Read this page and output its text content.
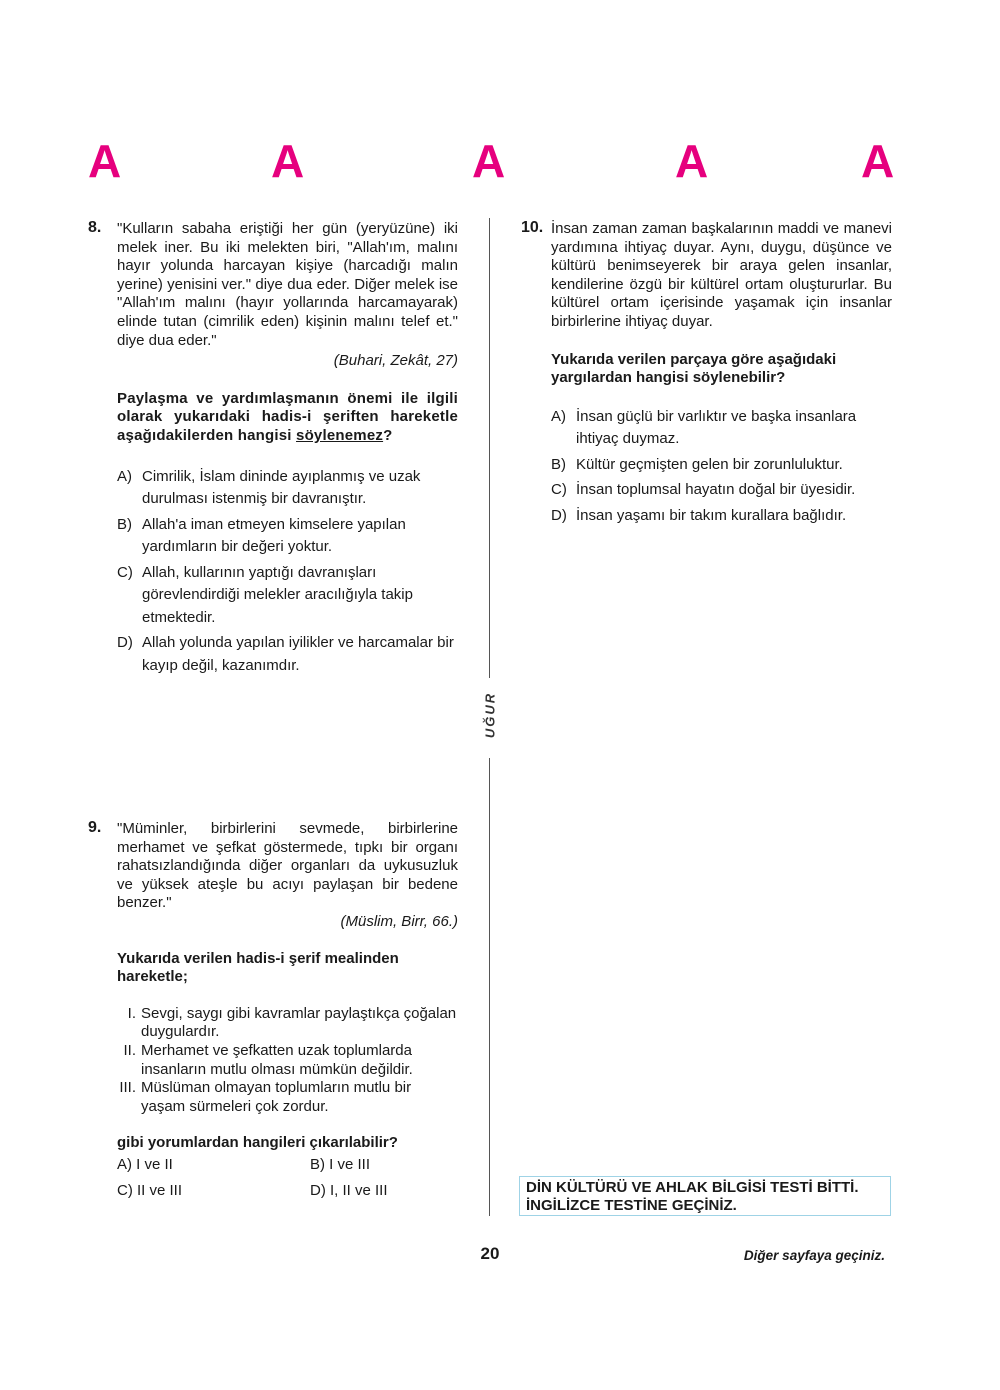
A	A	A	A	A
8. "Kulların sabaha eriştiği her gün (yeryüzüne) iki melek iner. Bu iki melekten biri, "Allah'ım, malını hayır yolunda harcayan kişiye (harcadığı malın yerine) yenisini ver." diye dua eder. Diğer melek ise "Allah'ım malını (hayır yollarında harcamayarak) elinde tutan (cimrilik eden) kişinin malını telef et." diye dua eder."
(Buhari, Zekât, 27)
Paylaşma ve yardımlaşmanın önemi ile ilgili olarak yukarıdaki hadis-i şeriften hareketle aşağıdakilerden hangisi söylenemez?
A) Cimrilik, İslam dininde ayıplanmış ve uzak durulması istenmiş bir davranıştır.
B) Allah'a iman etmeyen kimselere yapılan yardımların bir değeri yoktur.
C) Allah, kullarının yaptığı davranışları görevlendirdiği melekler aracılığıyla takip etmektedir.
D) Allah yolunda yapılan iyilikler ve harcamalar bir kayıp değil, kazanımdır.
9. "Müminler, birbirlerini sevmede, birbirlerine merhamet ve şefkat göstermede, tıpkı bir organı rahatsızlandığında diğer organları da uykusuzluk ve yüksek ateşle bu acıyı paylaşan bir bedene benzer."
(Müslim, Birr, 66.)
Yukarıda verilen hadis-i şerif mealinden hareketle;
I. Sevgi, saygı gibi kavramlar paylaştıkça çoğalan duygulardır.
II. Merhamet ve şefkatten uzak toplumlarda insanların mutlu olması mümkün değildir.
III. Müslüman olmayan toplumların mutlu bir yaşam sürmeleri çok zordur.
gibi yorumlardan hangileri çıkarılabilir?
A) I ve II	B) I ve III
C) II ve III	D) I, II ve III
UĞUR
10. İnsan zaman zaman başkalarının maddi ve manevi yardımına ihtiyaç duyar. Aynı, duygu, düşünce ve kültürü benimseyerek bir araya gelen insanlar, kendilerine özgü bir kültürel ortam oluştururlar. Bu kültürel ortam içerisinde yaşamak için insanlar birbirlerine ihtiyaç duyar.
Yukarıda verilen parçaya göre aşağıdaki yargılardan hangisi söylenebilir?
A) İnsan güçlü bir varlıktır ve başka insanlara ihtiyaç duymaz.
B) Kültür geçmişten gelen bir zorunluluktur.
C) İnsan toplumsal hayatın doğal bir üyesidir.
D) İnsan yaşamı bir takım kurallara bağlıdır.
DİN KÜLTÜRÜ VE AHLAK BİLGİSİ TESTİ BİTTİ.
İNGİLİZCE TESTİNE GEÇİNİZ.
20	Diğer sayfaya geçiniz.
